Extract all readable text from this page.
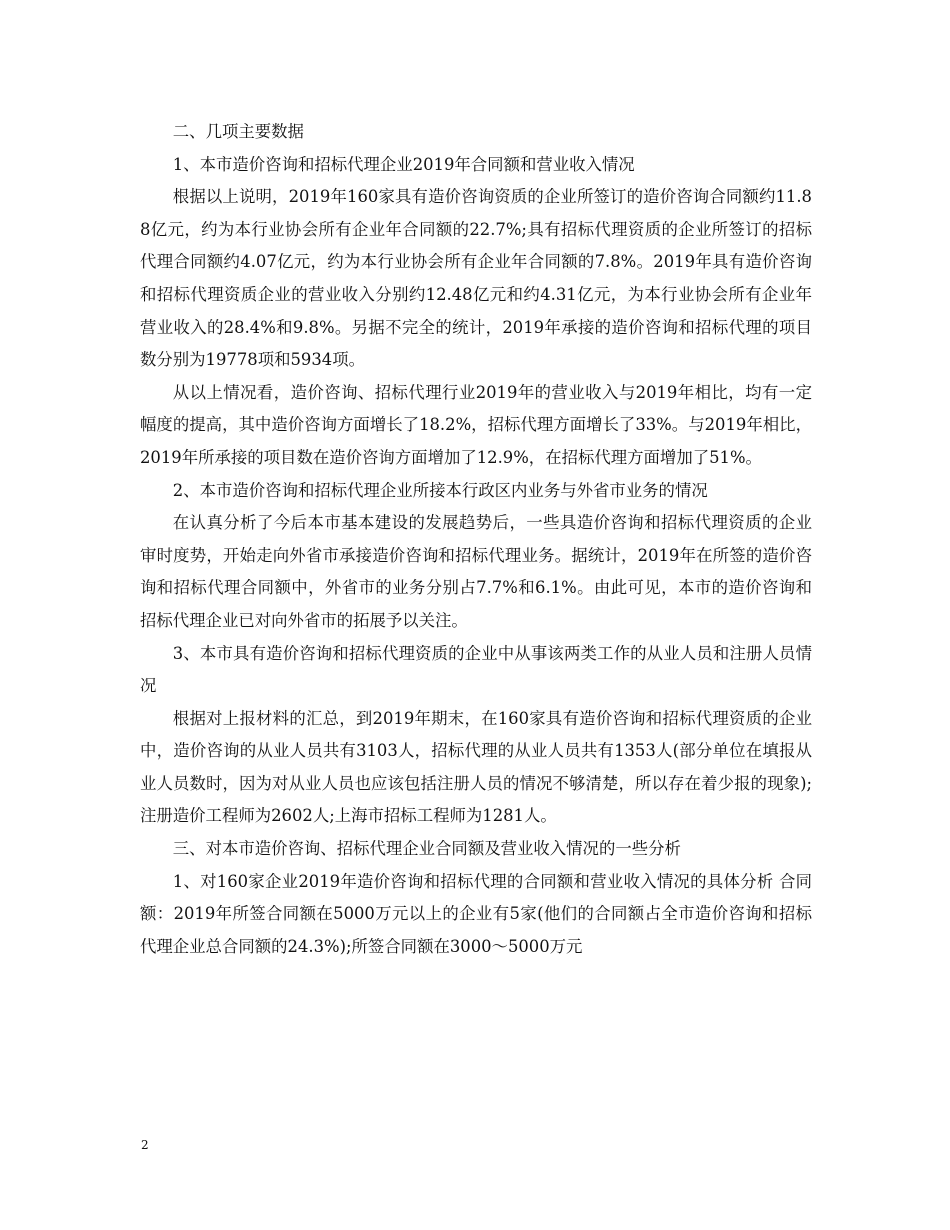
二、几项主要数据

1、本市造价咨询和招标代理企业2019年合同额和营业收入情况

根据以上说明，2019年160家具有造价咨询资质的企业所签订的造价咨询合同额约11.88亿元，约为本行业协会所有企业年合同额的22.7%;具有招标代理资质的企业所签订的招标代理合同额约4.07亿元，约为本行业协会所有企业年合同额的7.8%。2019年具有造价咨询和招标代理资质企业的营业收入分别约12.48亿元和约4.31亿元，为本行业协会所有企业年营业收入的28.4%和9.8%。另据不完全的统计，2019年承接的造价咨询和招标代理的项目数分别为19778项和5934项。

从以上情况看，造价咨询、招标代理行业2019年的营业收入与2019年相比，均有一定幅度的提高，其中造价咨询方面增长了18.2%，招标代理方面增长了33%。与2019年相比，2019年所承接的项目数在造价咨询方面增加了12.9%，在招标代理方面增加了51%。

2、本市造价咨询和招标代理企业所接本行政区内业务与外省市业务的情况

在认真分析了今后本市基本建设的发展趋势后，一些具造价咨询和招标代理资质的企业审时度势，开始走向外省市承接造价咨询和招标代理业务。据统计，2019年在所签的造价咨询和招标代理合同额中，外省市的业务分别占7.7%和6.1%。由此可见，本市的造价咨询和招标代理企业已对向外省市的拓展予以关注。

3、本市具有造价咨询和招标代理资质的企业中从事该两类工作的从业人员和注册人员情况

根据对上报材料的汇总，到2019年期末，在160家具有造价咨询和招标代理资质的企业中，造价咨询的从业人员共有3103人，招标代理的从业人员共有1353人(部分单位在填报从业人员数时，因为对从业人员也应该包括注册人员的情况不够清楚，所以存在着少报的现象);注册造价工程师为2602人;上海市招标工程师为1281人。

三、对本市造价咨询、招标代理企业合同额及营业收入情况的一些分析

1、对160家企业2019年造价咨询和招标代理的合同额和营业收入情况的具体分析 合同额：2019年所签合同额在5000万元以上的企业有5家(他们的合同额占全市造价咨询和招标代理企业总合同额的24.3%);所签合同额在3000～5000万元

2
